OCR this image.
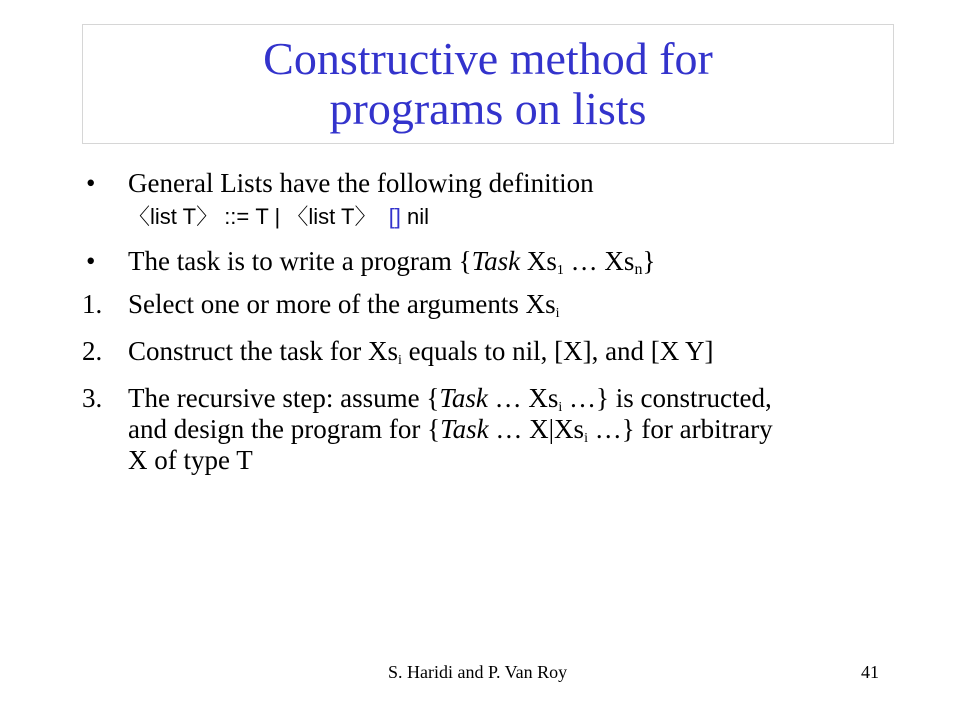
Constructive method for
programs on lists
•	General Lists have the following definition
〈list T〉 ::= T | 〈list T〉 [] nil
•	The task is to write a program {Task $Xs_1$ … $Xs_n$}
1. Select one or more of the arguments $Xs_i$
2. Construct the task for $Xs_i$ equals to nil, [X], and [X Y]
3. The recursive step: assume {Task … $Xs_i$ …} is constructed,
and design the program for {Task … $X|Xs_i$ …} for arbitrary
X of type T
S. Haridi and P. Van Roy	41
